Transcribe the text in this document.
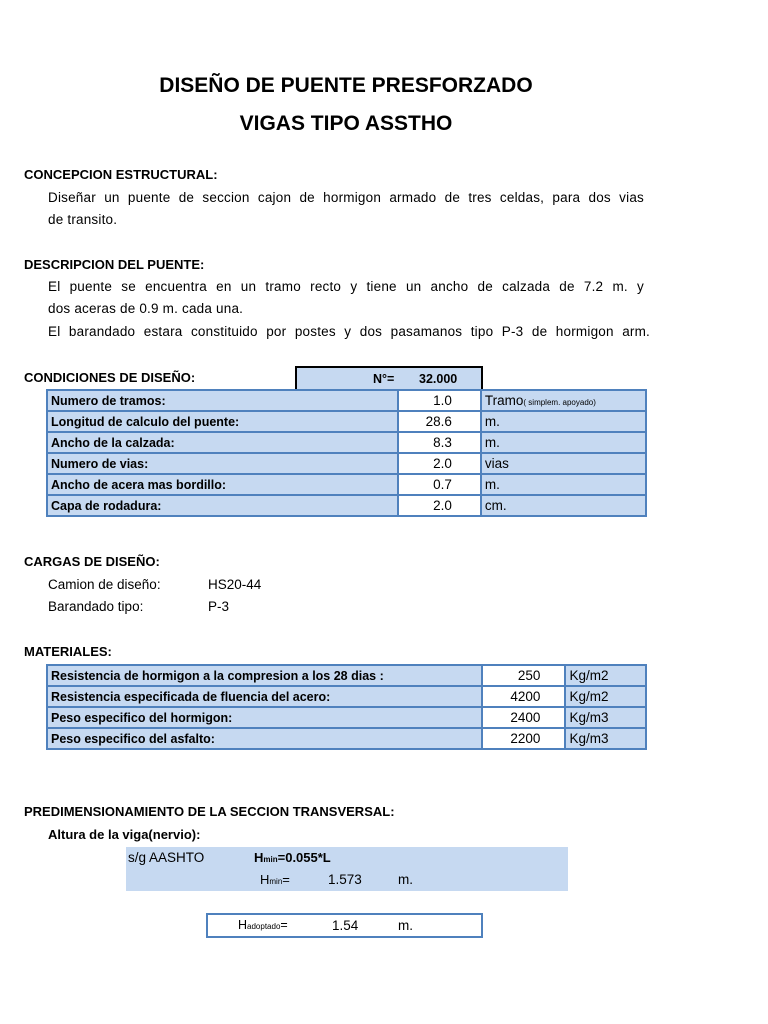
DISEÑO DE PUENTE PRESFORZADO
VIGAS TIPO ASSTHO
CONCEPCION ESTRUCTURAL:
Diseñar un puente de seccion cajon de hormigon armado de tres celdas, para dos vias
de transito.
DESCRIPCION DEL PUENTE:
El puente se encuentra en un tramo recto y tiene un ancho de calzada de 7.2 m. y
dos aceras de 0.9 m. cada una.
El barandado estara constituido por postes y dos pasamanos tipo P-3 de hormigon arm.
CONDICIONES DE DISEÑO:	N°= 32.000
Numero de tramos:	1.0	Tramo( simplem. apoyado)
Longitud de calculo del puente:	28.6	m.
Ancho de la calzada:	8.3	m.
Numero de vias:	2.0	vias
Ancho de acera mas bordillo:	0.7	m.
Capa de rodadura:	2.0	cm.
CARGAS DE DISEÑO:
Camion de diseño:	HS20-44
Barandado tipo:	P-3
MATERIALES:
Resistencia de hormigon a la compresion a los 28 dias :	250	Kg/m2
Resistencia especificada de fluencia del acero:	4200	Kg/m2
Peso especifico del hormigon:	2400	Kg/m3
Peso especifico del asfalto:	2200	Kg/m3
PREDIMENSIONAMIENTO DE LA SECCION TRANSVERSAL:
Altura de la viga(nervio):
s/g AASHTO	Hmin=0.055*L
Hmin=	1.573	m.
Hadoptado=	1.54	m.
